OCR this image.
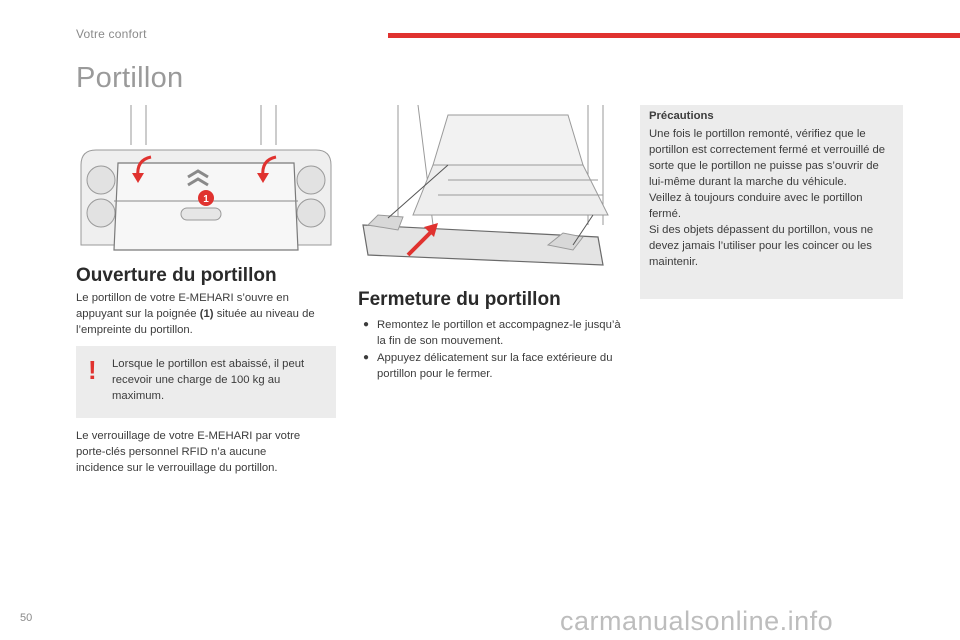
Votre confort
Portillon
1
Ouverture du portillon
Le portillon de votre E-MEHARI s’ouvre en appuyant sur la poignée (1) située au niveau de l’empreinte du portillon.
! Lorsque le portillon est abaissé, il peut recevoir une charge de 100 kg au maximum.
Le verrouillage de votre E-MEHARI par votre porte-clés personnel RFID n’a aucune incidence sur le verrouillage du portillon.
Fermeture du portillon
● Remontez le portillon et accompagnez-le jusqu’à la fin de son mouvement.
● Appuyez délicatement sur la face extérieure du portillon pour le fermer.
Précautions
Une fois le portillon remonté, vérifiez que le portillon est correctement fermé et verrouillé de sorte que le portillon ne puisse pas s’ouvrir de lui-même durant la marche du véhicule.
Veillez à toujours conduire avec le portillon fermé.
Si des objets dépassent du portillon, vous ne devez jamais l’utiliser pour les coincer ou les maintenir.
50	carmanualsonline.info
